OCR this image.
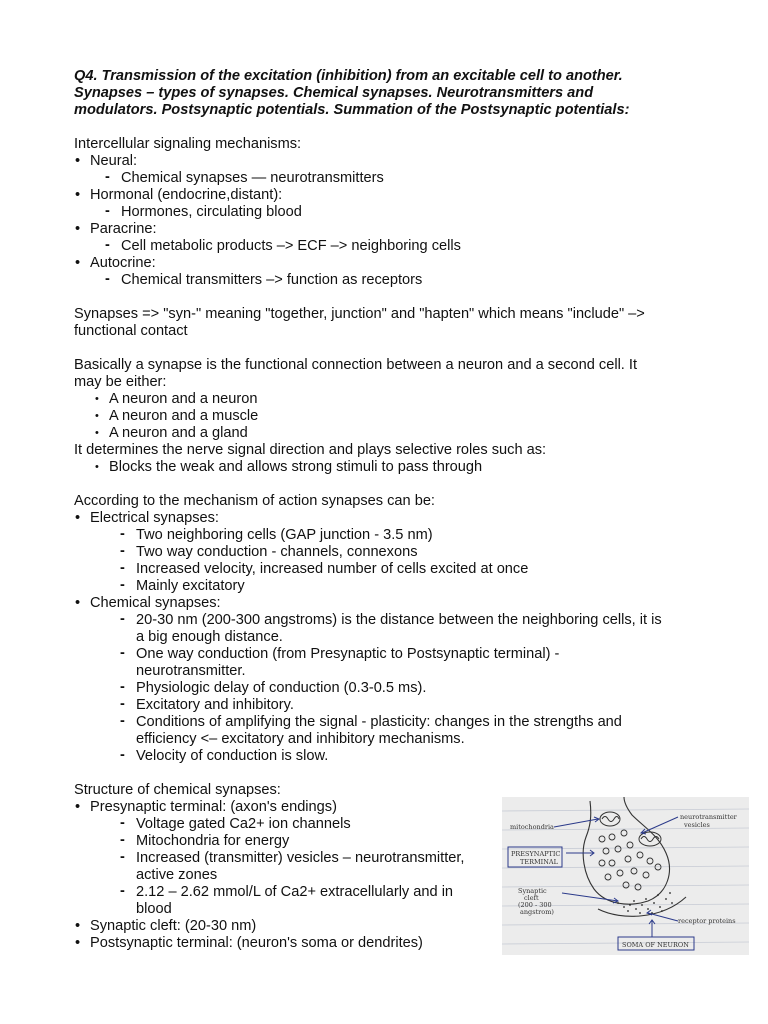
Q4. Transmission of the excitation (inhibition) from an excitable cell to another.

Synapses – types of synapses. Chemical synapses. Neurotransmitters and

modulators. Postsynaptic potentials. Summation of the Postsynaptic potentials:

Intercellular signaling mechanisms:

• Neural:

- Chemical synapses — neurotransmitters

• Hormonal (endocrine,distant):

- Hormones, circulating blood

• Paracrine:

- Cell metabolic products –> ECF –> neighboring cells

• Autocrine:

- Chemical transmitters –> function as receptors

Synapses => "syn-" meaning "together, junction" and "hapten" which means "include" –>

functional contact

Basically a synapse is the functional connection between a neuron and a second cell. It

may be either:

• A neuron and a neuron

• A neuron and a muscle

• A neuron and a gland

It determines the nerve signal direction and plays selective roles such as:

• Blocks the weak and allows strong stimuli to pass through

According to the mechanism of action synapses can be:

• Electrical synapses:

- Two neighboring cells (GAP junction - 3.5 nm)

- Two way conduction - channels, connexons

- Increased velocity, increased number of cells excited at once

- Mainly excitatory

• Chemical synapses:

- 20-30 nm (200-300 angstroms) is the distance between the neighboring cells, it is

a big enough distance.

- One way conduction (from Presynaptic to Postsynaptic terminal) -

neurotransmitter.

- Physiologic delay of conduction (0.3-0.5 ms).

- Excitatory and inhibitory.

- Conditions of amplifying the signal - plasticity: changes in the strengths and

efficiency <– excitatory and inhibitory mechanisms.

- Velocity of conduction is slow.

Structure of chemical synapses:

• Presynaptic terminal: (axon's endings)

- Voltage gated Ca2+ ion channels

- Mitochondria for energy

- Increased (transmitter) vesicles – neurotransmitter,

active zones

- 2.12 – 2.62 mmol/L of Ca2+ extracellularly and in

blood

• Synaptic cleft: (20-30 nm)

• Postsynaptic terminal: (neuron's soma or dendrites)

mitochondria
neurotransmitter
vesicles
PRESYNAPTIC
TERMINAL
Synaptic
cleft
(200 - 300
angstrom)
receptor proteins
SOMA OF NEURON
